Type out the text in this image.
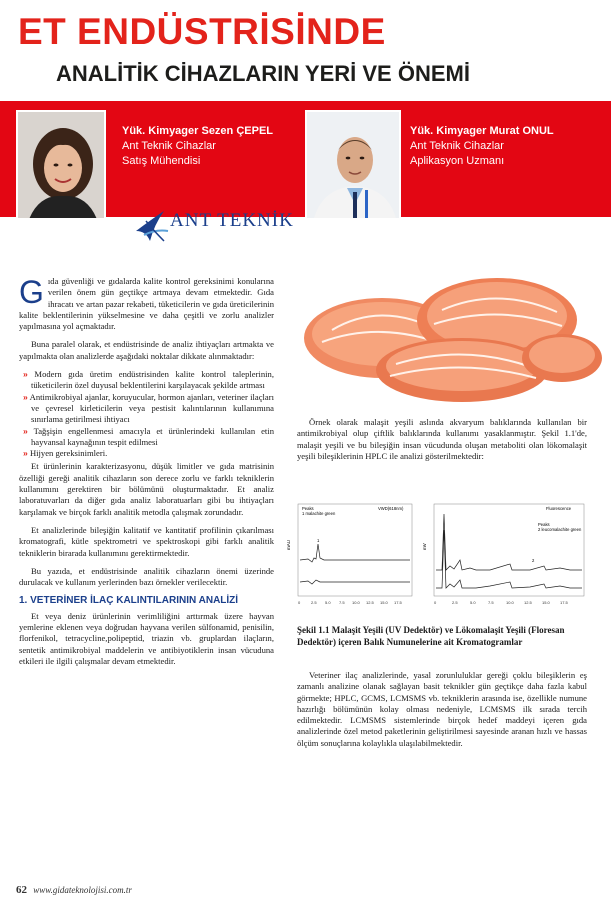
ET ENDÜSTRİSİNDE
ANALİTİK CİHAZLARIN YERİ VE ÖNEMİ
Yük. Kimyager Sezen ÇEPEL
Ant Teknik Cihazlar
Satış Mühendisi
Yük. Kimyager Murat ONUL
Ant Teknik Cihazlar
Aplikasyon Uzmanı
ANT TEKNİK

Gıda güvenliği ve gıdalarda kalite kontrol gereksinimi konularına verilen önem gün geçtikçe artmaya devam etmektedir. Gıda ihracatı ve artan pazar rekabeti, tüketicilerin ve gıda üreticilerinin kalite beklentilerinin yükselmesine ve daha çeşitli ve zorlu analizler yapılmasına yol açmaktadır.

Buna paralel olarak, et endüstrisinde de analiz ihtiyaçları artmakta ve yapılmakta olan analizlerde aşağıdaki noktalar dikkate alınmaktadır:

» Modern gıda üretim endüstrisinden kalite kontrol taleplerinin, tüketicilerin özel duyusal beklentilerini karşılayacak şekilde artması

» Antimikrobiyal ajanlar, koruyucular, hormon ajanları, veteriner ilaçları ve çevresel kirleticilerin veya pestisit kalıntılarının kullanımına sınırlama getirilmesi ihtiyacı

» Tağşişin engellenmesi amacıyla et ürünlerindeki kullanılan etin hayvansal kaynağının tespit edilmesi

» Hijyen gereksinimleri.

Et ürünlerinin karakterizasyonu, düşük limitler ve gıda matrisinin özelliği gereği analitik cihazların son derece zorlu ve farklı tekniklerin kullanımını gerektiren bir bölümünü oluşturmaktadır. Et analiz laboratuvarları da diğer gıda analiz laboratuarları gibi bu ihtiyaçları karşılamak ve birçok farklı analitik metodla çalışmak zorundadır.

Et analizlerinde bileşiğin kalitatif ve kantitatif profilinin çıkarılması kromatografi, kütle spektrometri ve spektroskopi gibi farklı analitik tekniklerin birarada kullanımını gerektirmektedir.

Bu yazıda, et endüstrisinde analitik cihazların önemi üzerinde durulacak ve kullanım yerlerinden bazı örnekler verilecektir.

1. VETERİNER İLAÇ KALINTILARININ ANALİZİ

Et veya deniz ürünlerinin verimliliğini arttırmak üzere hayvan yemlerine eklenen veya doğrudan hayvana verilen sülfonamid, penisilin, florfenikol, tetracycline,polipeptid, triazin vb. gruplardan ilaçların, sentetik antimikrobiyal maddelerin ve antibiyotiklerin insan vücuduna etkileri ile ilgili çalışmalar devam etmektedir.

Örnek olarak malaşit yeşili aslında akvaryum balıklarında kullanılan bir antimikrobiyal olup çiftlik balıklarında kullanımı yasaklanmıştır. Şekil 1.1'de, malaşit yeşili ve bu bileşiğin insan vücudunda oluşan metaboliti olan lökomalaşit yeşili bileşiklerinin HPLC ile analizi gösterilmektedir:

mAU
Peaks
1 malachite green
VWD(618nm)
1
0	2.5 5.0 7.5 10.0 12.5 15.0 17.5
mV
Fluorescence
Peaks
2 leucomalachite green
2
0	2.5	5.0	7.5	10.0	12.5	15.0	17.5
Şekil 1.1 Malaşit Yeşili (UV Dedektör) ve Lökomalaşit Yeşili (Floresan Dedektör) içeren Balık Numunelerine ait Kromatogramlar

Veteriner ilaç analizlerinde, yasal zorunluluklar gereği çoklu bileşiklerin eş zamanlı analizine olanak sağlayan basit teknikler gün geçtikçe daha fazla kabul görmekte; HPLC, GCMS, LCMSMS vb. tekniklerin arasında ise, özellikle numune hazırlığı bölümünün kolay olması nedeniyle, LCMSMS ilk sırada tercih edilmektedir. LCMSMS sistemlerinde birçok hedef maddeyi içeren gıda analizlerinde özel metod paketlerinin geliştirilmesi sayesinde aranan hızlı ve hassas ölçüm sonuçlarına kolaylıkla ulaşılabilmektedir.

62 www.gidateknolojisi.com.tr
